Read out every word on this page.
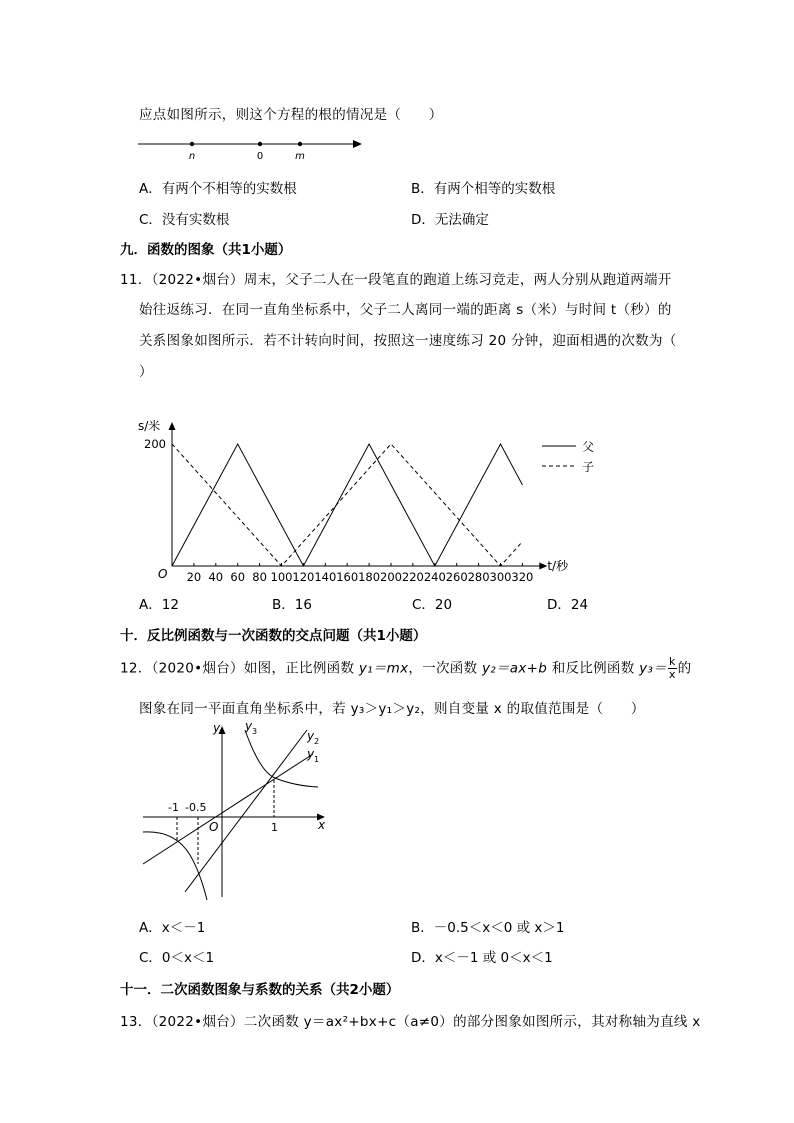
应点如图所示，则这个方程的根的情况是（　　）
n	0	m
A．有两个不相等的实数根	B．有两个相等的实数根
C．没有实数根	D．无法确定
九．函数的图象（共1小题）
11．（2022•烟台）周末，父子二人在一段笔直的跑道上练习竞走，两人分别从跑道两端开
始往返练习．在同一直角坐标系中，父子二人离同一端的距离 s（米）与时间 t（秒）的
关系图象如图所示．若不计转向时间，按照这一速度练习 20 分钟，迎面相遇的次数为（
）
20 40 60 80 100 120 140 160 180 200 220 240 260 280 300 320
200
O
s/米
t/秒
父
子
A．12	B．16	C．20	D．24
十．反比例函数与一次函数的交点问题（共1小题）
12．（2020•烟台）如图，正比例函数 y₁＝mx，一次函数 y₂＝ax+b 和反比例函数 $y_3= \frac{k}{x}$ 的
图象在同一平面直角坐标系中，若 y₃＞y₁＞y₂，则自变量 x 的取值范围是（　　）
y
x
O
y 3	y 2
y 1
-1 -0.5
1
A．x＜－1	B．－0.5＜x＜0 或 x＞1
C．0＜x＜1	D．x＜－1 或 0＜x＜1
十一．二次函数图象与系数的关系（共2小题）
13．（2022•烟台）二次函数 y＝ax²+bx+c（a≠0）的部分图象如图所示，其对称轴为直线 x
